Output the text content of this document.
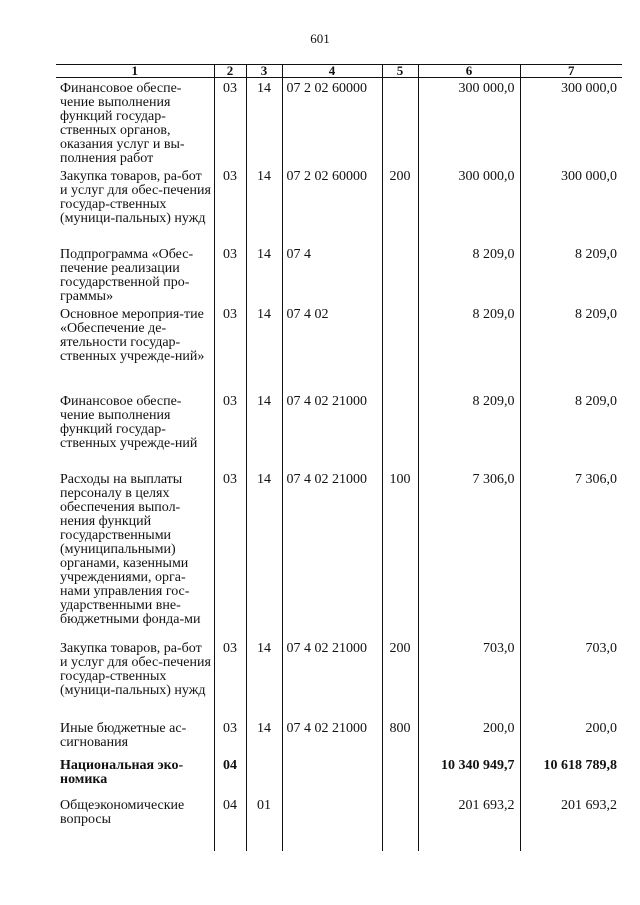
601
1	2	3	4	5	6	7
Финансовое обеспе-чение выполнения функций государ-ственных органов, оказания услуг и вы-полнения работ	03	14	07 2 02 60000		300 000,0	300 000,0
Закупка товаров, ра-бот и услуг для обес-печения государ-ственных (муници-пальных) нужд	03	14	07 2 02 60000	200	300 000,0	300 000,0
Подпрограмма «Обес-печение реализации государственной про-граммы»	03	14	07 4		8 209,0	8 209,0
Основное мероприя-тие «Обеспечение де-ятельности государ-ственных учрежде-ний»	03	14	07 4 02		8 209,0	8 209,0
Финансовое обеспе-чение выполнения функций государ-ственных учрежде-ний	03	14	07 4 02 21000		8 209,0	8 209,0
Расходы на выплаты персоналу в целях обеспечения выпол-нения функций государственными (муниципальными) органами, казенными учреждениями, орга-нами управления гос-ударственными вне-бюджетными фонда-ми	03	14	07 4 02 21000	100	7 306,0	7 306,0
Закупка товаров, ра-бот и услуг для обес-печения государ-ственных (муници-пальных) нужд	03	14	07 4 02 21000	200	703,0	703,0
Иные бюджетные ас-сигнования	03	14	07 4 02 21000	800	200,0	200,0
Национальная эко-номика	04				10 340 949,7	10 618 789,8
Общеэкономические вопросы	04	01			201 693,2	201 693,2
